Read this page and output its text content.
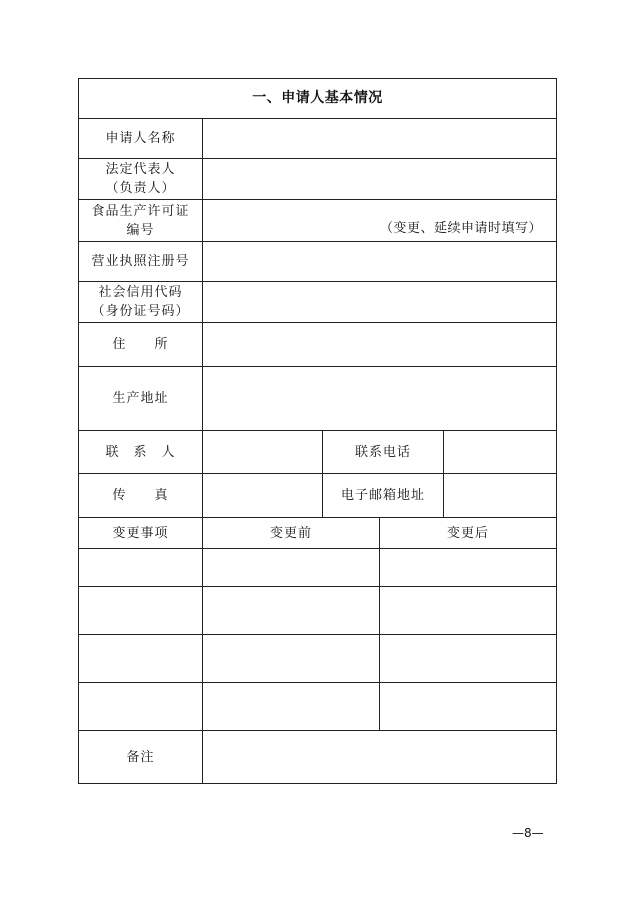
一、申请人基本情况
申请人名称
法定代表人
（负责人）
食品生产许可证
编号	（变更、延续申请时填写）
营业执照注册号
社会信用代码
（身份证号码）
住　　所
生产地址
联　系　人	联系电话
传　　真	电子邮箱地址
变更事项	变更前	变更后
备注
—8—
